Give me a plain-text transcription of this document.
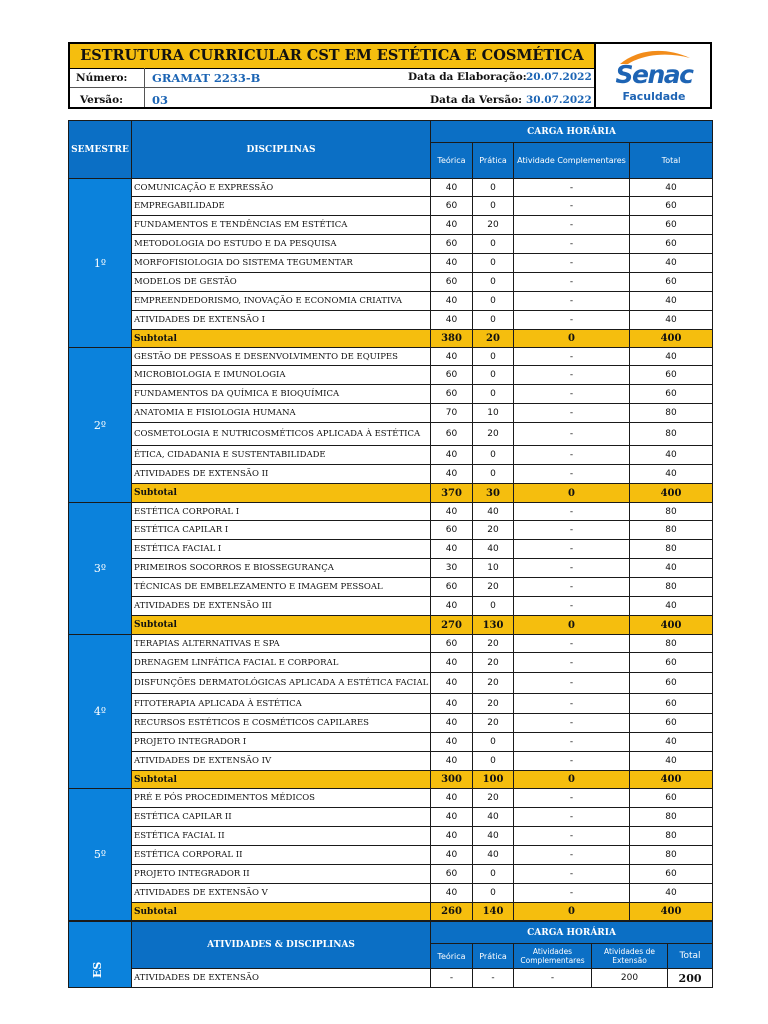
ESTRUTURA CURRICULAR CST EM ESTÉTICA E COSMÉTICA
Número: GRAMAT 2233-B	Data da Elaboração: 20.07.2022
Versão:	03	Data da Versão: 30.07.2022
Senac
Faculdade
SEMESTRE	DISCIPLINAS	CARGA HORÁRIA			
		Teórica	Prática	Atividade Complementares	Total
1º	COMUNICAÇÃO E EXPRESSÃO	40	0	-	40
	EMPREGABILIDADE	60	0	-	60
	FUNDAMENTOS E TENDÊNCIAS EM ESTÉTICA	40	20	-	60
	METODOLOGIA DO ESTUDO E DA PESQUISA	60	0	-	60
	MORFOFISIOLOGIA DO SISTEMA TEGUMENTAR	40	0	-	40
	MODELOS DE GESTÃO	60	0	-	60
	EMPREENDEDORISMO, INOVAÇÃO E ECONOMIA CRIATIVA	40	0	-	40
	ATIVIDADES DE EXTENSÃO I	40	0	-	40
	Subtotal	380	20	0	400
2º	GESTÃO DE PESSOAS E DESENVOLVIMENTO DE EQUIPES	40	0	-	40
	MICROBIOLOGIA E IMUNOLOGIA	60	0	-	60
	FUNDAMENTOS DA QUÍMICA E BIOQUÍMICA	60	0	-	60
	ANATOMIA E FISIOLOGIA HUMANA	70	10	-	80
	COSMETOLOGIA E NUTRICOSMÉTICOS APLICADA À ESTÉTICA	60	20	-	80
	ÉTICA, CIDADANIA E SUSTENTABILIDADE	40	0	-	40
	ATIVIDADES DE EXTENSÃO II	40	0	-	40
	Subtotal	370	30	0	400
3º	ESTÉTICA CORPORAL I	40	40	-	80
	ESTÉTICA CAPILAR I	60	20	-	80
	ESTÉTICA FACIAL I	40	40	-	80
	PRIMEIROS SOCORROS E BIOSSEGURANÇA	30	10	-	40
	TÉCNICAS DE EMBELEZAMENTO E IMAGEM PESSOAL	60	20	-	80
	ATIVIDADES DE EXTENSÃO III	40	0	-	40
	Subtotal	270	130	0	400
4º	TERAPIAS ALTERNATIVAS E SPA	60	20	-	80
	DRENAGEM LINFÁTICA FACIAL E CORPORAL	40	20	-	60
	DISFUNÇÕES DERMATOLÓGICAS APLICADA A ESTÉTICA FACIAL	40	20	-	60
	FITOTERAPIA APLICADA À ESTÉTICA	40	20	-	60
	RECURSOS ESTÉTICOS E COSMÉTICOS CAPILARES	40	20	-	60
	PROJETO INTEGRADOR I	40	0	-	40
	ATIVIDADES DE EXTENSÃO IV	40	0	-	40
	Subtotal	300	100	0	400
5º	PRÉ E PÓS PROCEDIMENTOS MÉDICOS	40	20	-	60
	ESTÉTICA CAPILAR II	40	40	-	80
	ESTÉTICA FACIAL II	40	40	-	80
	ESTÉTICA CORPORAL II	40	40	-	80
	PROJETO INTEGRADOR II	60	0	-	60
	ATIVIDADES DE EXTENSÃO V	40	0	-	40
	Subtotal	260	140	0	400
ES	ATIVIDADES & DISCIPLINAS	CARGA HORÁRIA				
		Teórica	Prática	Atividades Complementares	Atividades de Extensão	Total
	ATIVIDADES DE EXTENSÃO	-	-	-	200	200
